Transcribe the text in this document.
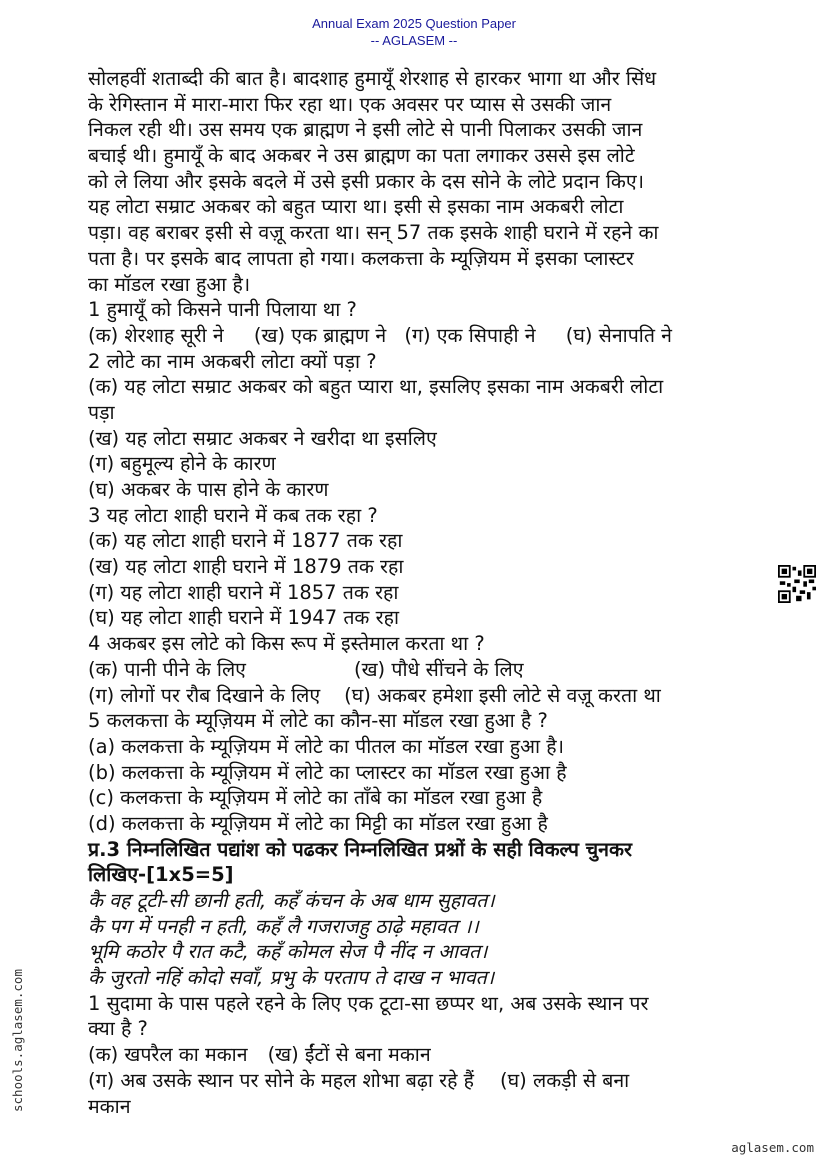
Annual Exam 2025 Question Paper
-- AGLASEM --
सोलहवीं शताब्दी की बात है। बादशाह हुमायूँ शेरशाह से हारकर भागा था और सिंध
के रेगिस्तान में मारा-मारा फिर रहा था। एक अवसर पर प्यास से उसकी जान
निकल रही थी। उस समय एक ब्राह्मण ने इसी लोटे से पानी पिलाकर उसकी जान
बचाई थी। हुमायूँ के बाद अकबर ने उस ब्राह्मण का पता लगाकर उससे इस लोटे
को ले लिया और इसके बदले में उसे इसी प्रकार के दस सोने के लोटे प्रदान किए।
यह लोटा सम्राट अकबर को बहुत प्यारा था। इसी से इसका नाम अकबरी लोटा
पड़ा। वह बराबर इसी से वज़ू करता था। सन् 57 तक इसके शाही घराने में रहने का
पता है। पर इसके बाद लापता हो गया। कलकत्ता के म्यूज़ियम में इसका प्लास्टर
का मॉडल रखा हुआ है।
1 हुमायूँ को किसने पानी पिलाया था ?
(क) शेरशाह सूरी ने (ख) एक ब्राह्मण ने (ग) एक सिपाही ने (घ) सेनापति ने
2 लोटे का नाम अकबरी लोटा क्यों पड़ा ?
(क) यह लोटा सम्राट अकबर को बहुत प्यारा था, इसलिए इसका नाम अकबरी लोटा
पड़ा
(ख) यह लोटा सम्राट अकबर ने खरीदा था इसलिए
(ग) बहुमूल्य होने के कारण
(घ) अकबर के पास होने के कारण
3 यह लोटा शाही घराने में कब तक रहा ?
(क) यह लोटा शाही घराने में 1877 तक रहा
(ख) यह लोटा शाही घराने में 1879 तक रहा
(ग) यह लोटा शाही घराने में 1857 तक रहा
(घ) यह लोटा शाही घराने में 1947 तक रहा
4 अकबर इस लोटे को किस रूप में इस्तेमाल करता था ?
(क) पानी पीने के लिए	(ख) पौधे सींचने के लिए
(ग) लोगों पर रौब दिखाने के लिए (घ) अकबर हमेशा इसी लोटे से वज़ू करता था
5 कलकत्ता के म्यूज़ियम में लोटे का कौन-सा मॉडल रखा हुआ है ?
(a) कलकत्ता के म्यूज़ियम में लोटे का पीतल का मॉडल रखा हुआ है।
(b) कलकत्ता के म्यूज़ियम में लोटे का प्लास्टर का मॉडल रखा हुआ है
(c) कलकत्ता के म्यूज़ियम में लोटे का ताँबे का मॉडल रखा हुआ है
(d) कलकत्ता के म्यूज़ियम में लोटे का मिट्टी का मॉडल रखा हुआ है
प्र.3 निम्नलिखित पद्यांश को पढकर निम्नलिखित प्रश्नों के सही विकल्प चुनकर
लिखिए-[1x5=5]
कै वह टूटी-सी छानी हती, कहँ कंचन के अब धाम सुहावत।
कै पग में पनही न हती, कहँ लै गजराजहु ठाढ़े महावत ।।
भूमि कठोर पै रात कटै, कहँ कोमल सेज पै नींद न आवत।
कै जुरतो नहिं कोदो सवाँ, प्रभु के परताप ते दाख न भावत।
1 सुदामा के पास पहले रहने के लिए एक टूटा-सा छप्पर था, अब उसके स्थान पर
क्या है ?
(क) खपरैल का मकान (ख) ईंटों से बना मकान
(ग) अब उसके स्थान पर सोने के महल शोभा बढ़ा रहे हैं (घ) लकड़ी से बना
मकान
schools.aglasem.com
aglasem.com
